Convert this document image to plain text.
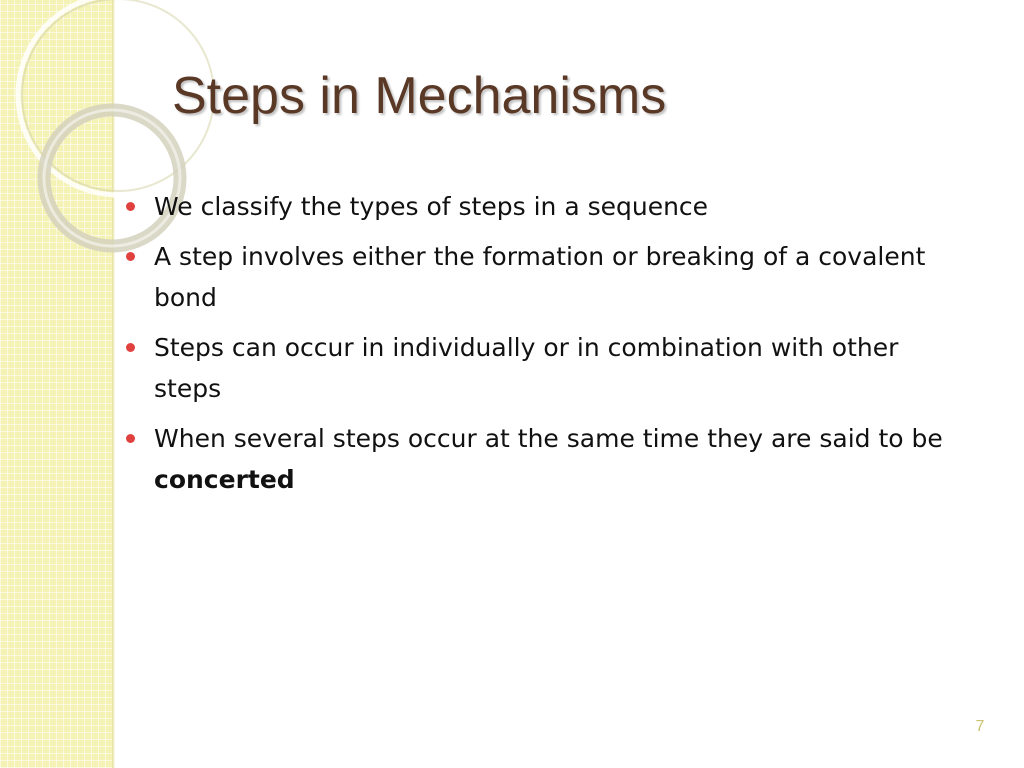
Steps in Mechanisms
We classify the types of steps in a sequence
A step involves either the formation or breaking of a covalent bond
Steps can occur in individually or in combination with other steps
When several steps occur at the same time they are said to be concerted
7
